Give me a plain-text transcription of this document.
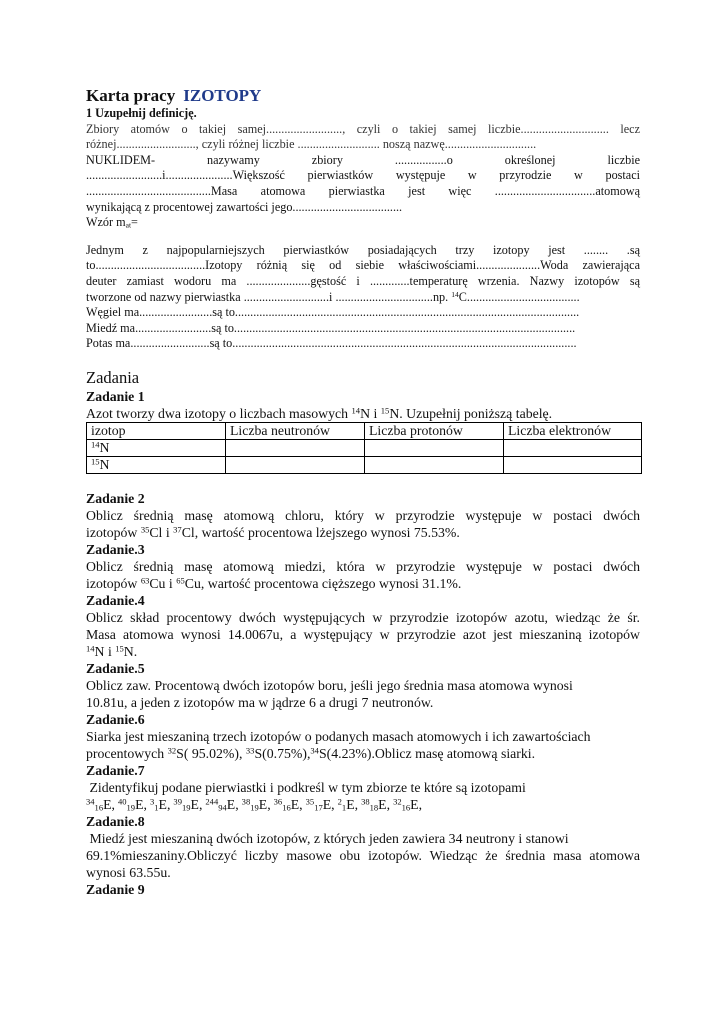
Karta pracy IZOTOPY
1 Uzupełnij definicję.
Zbiory atomów o takiej samej........................., czyli o takiej samej liczbie............................. lecz
różnej.........................., czyli różnej liczbie ........................... noszą nazwę..............................
NUKLIDEM- nazywamy zbiory .................o określonej liczbie
.........................i......................Większość pierwiastków występuje w przyrodzie w postaci
.........................................Masa atomowa pierwiastka jest więc .................................atomową
wynikającą z procentowej zawartości jego....................................
Wzór $m_{at}=$
Jednym z najpopularniejszych pierwiastków posiadających trzy izotopy jest ........ .są
to....................................Izotopy różnią się od siebie właściwościami.....................Woda zawierająca
deuter zamiast wodoru ma .....................gęstość i .............temperaturę wrzenia. Nazwy izotopów są
tworzone od nazwy pierwiastka ............................i ................................np. $^{14}$C.....................................
Węgiel ma........................są to.................................................................................................................
Miedź ma.........................są to................................................................................................................
Potas ma..........................są to.................................................................................................................
Zadania
Zadanie 1
Azot tworzy dwa izotopy o liczbach masowych $^{14}$N i $^{15}$N. Uzupełnij poniższą tabelę.
izotop	Liczba neutronów	Liczba protonów	Liczba elektronów
$^{14}$N			
$^{15}$N			
Zadanie 2
Oblicz średnią masę atomową chloru, który w przyrodzie występuje w postaci dwóch
izotopów $^{35}$Cl i $^{37}$Cl, wartość procentowa lżejszego wynosi 75.53%.
Zadanie.3
Oblicz średnią masę atomową miedzi, która w przyrodzie występuje w postaci dwóch
izotopów $^{63}$Cu i $^{65}$Cu, wartość procentowa cięższego wynosi 31.1%.
Zadanie.4
Oblicz skład procentowy dwóch występujących w przyrodzie izotopów azotu, wiedząc że śr.
Masa atomowa wynosi 14.0067u, a występujący w przyrodzie azot jest mieszaniną izotopów
$^{14}$N i $^{15}$N.
Zadanie.5
Oblicz zaw. Procentową dwóch izotopów boru, jeśli jego średnia masa atomowa wynosi
10.81u, a jeden z izotopów ma w jądrze 6 a drugi 7 neutronów.
Zadanie.6
Siarka jest mieszaniną trzech izotopów o podanych masach atomowych i ich zawartościach
procentowych $^{32}$S( 95.02%), $^{33}$S(0.75%),$^{34}$S(4.23%).Oblicz masę atomową siarki.
Zadanie.7
Zidentyfikuj podane pierwiastki i podkreśl w tym zbiorze te które są izotopami
$^{34}_{16}$E, $^{40}_{19}$E, $^3_1$E, $^{39}_{19}$E, $^{244}_{94}$E, $^{38}_{19}$E, $^{36}_{16}$E, $^{35}_{17}$E, $^2_1$E, $^{38}_{18}$E, $^{32}_{16}$E,
Zadanie.8
Miedź jest mieszaniną dwóch izotopów, z których jeden zawiera 34 neutrony i stanowi
69.1%mieszaniny.Obliczyć liczby masowe obu izotopów. Wiedząc że średnia masa atomowa
wynosi 63.55u.
Zadanie 9
